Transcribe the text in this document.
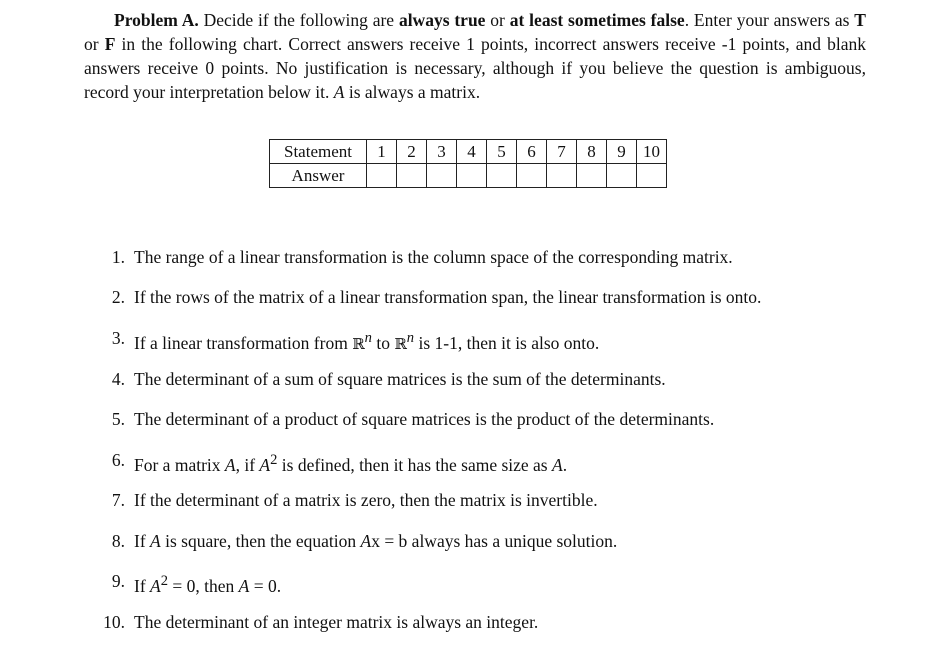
Problem A. Decide if the following are always true or at least sometimes false. Enter your answers as T or F in the following chart. Correct answers receive 1 points, incorrect answers receive -1 points, and blank answers receive 0 points. No justification is necessary, although if you believe the question is ambiguous, record your interpretation below it. A is always a matrix.
Statement	1	2	3	4	5	6	7	8	9	10
Answer										
1. The range of a linear transformation is the column space of the corresponding matrix.
2. If the rows of the matrix of a linear transformation span, the linear transformation is onto.
3. If a linear transformation from ℝ$^n$ to ℝ$^n$ is 1-1, then it is also onto.
4. The determinant of a sum of square matrices is the sum of the determinants.
5. The determinant of a product of square matrices is the product of the determinants.
6. For a matrix A, if $A^2$ is defined, then it has the same size as A.
7. If the determinant of a matrix is zero, then the matrix is invertible.
8. If A is square, then the equation Ax = b always has a unique solution.
9. If $A^2 = 0$, then A = 0.
10. The determinant of an integer matrix is always an integer.
